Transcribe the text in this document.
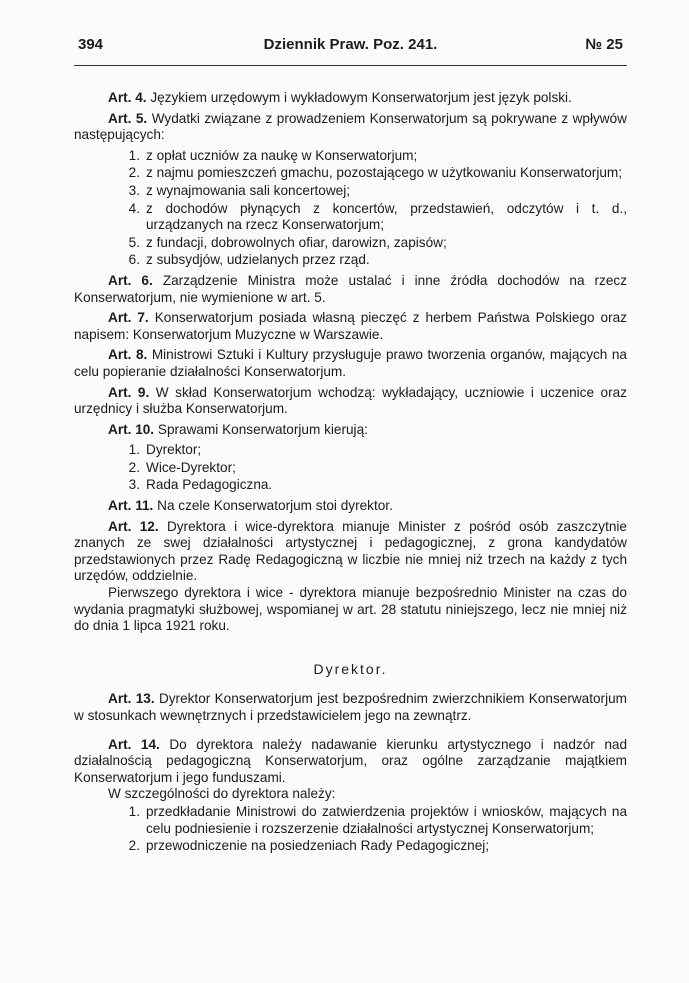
394	Dziennik Praw. Poz. 241.	№ 25

Art. 4. Językiem urzędowym i wykładowym Konserwatorjum jest język polski.

Art. 5. Wydatki związane z prowadzeniem Konserwatorjum są pokrywane z wpływów następujących:

1. z opłat uczniów za naukę w Konserwatorjum;
2. z najmu pomieszczeń gmachu, pozostającego w użytkowaniu Konserwatorjum;
3. z wynajmowania sali koncertowej;
4. z dochodów płynących z koncertów, przedstawień, odczytów i t. d., urządzanych na rzecz Konserwatorjum;
5. z fundacji, dobrowolnych ofiar, darowizn, zapisów;
6. z subsydjów, udzielanych przez rząd.

Art. 6. Zarządzenie Ministra może ustalać i inne źródła dochodów na rzecz Konserwatorjum, nie wymienione w art. 5.

Art. 7. Konserwatorjum posiada własną pieczęć z herbem Państwa Polskiego oraz napisem: Konserwatorjum Muzyczne w Warszawie.

Art. 8. Ministrowi Sztuki i Kultury przysługuje prawo tworzenia organów, mających na celu popieranie działalności Konserwatorjum.

Art. 9. W skład Konserwatorjum wchodzą: wykładający, uczniowie i uczenice oraz urzędnicy i służba Konserwatorjum.

Art. 10. Sprawami Konserwatorjum kierują:

1. Dyrektor;
2. Wice-Dyrektor;
3. Rada Pedagogiczna.

Art. 11. Na czele Konserwatorjum stoi dyrektor.

Art. 12. Dyrektora i wice-dyrektora mianuje Minister z pośród osób zaszczytnie znanych ze swej działalności artystycznej i pedagogicznej, z grona kandydatów przedstawionych przez Radę Redagogiczną w liczbie nie mniej niż trzech na każdy z tych urzędów, oddzielnie.

Pierwszego dyrektora i wice - dyrektora mianuje bezpośrednio Minister na czas do wydania pragmatyki służbowej, wspomianej w art. 28 statutu niniejszego, lecz nie mniej niż do dnia 1 lipca 1921 roku.

Dyrektor.

Art. 13. Dyrektor Konserwatorjum jest bezpośrednim zwierzchnikiem Konserwatorjum w stosunkach wewnętrznych i przedstawicielem jego na zewnątrz.

Art. 14. Do dyrektora należy nadawanie kierunku artystycznego i nadzór nad działalnością pedagogiczną Konserwatorjum, oraz ogólne zarządzanie majątkiem Konserwatorjum i jego funduszami.

W szczególności do dyrektora należy:

1. przedkładanie Ministrowi do zatwierdzenia projektów i wniosków, mających na celu podniesienie i rozszerzenie działalności artystycznej Konserwatorjum;
2. przewodniczenie na posiedzeniach Rady Pedagogicznej;
